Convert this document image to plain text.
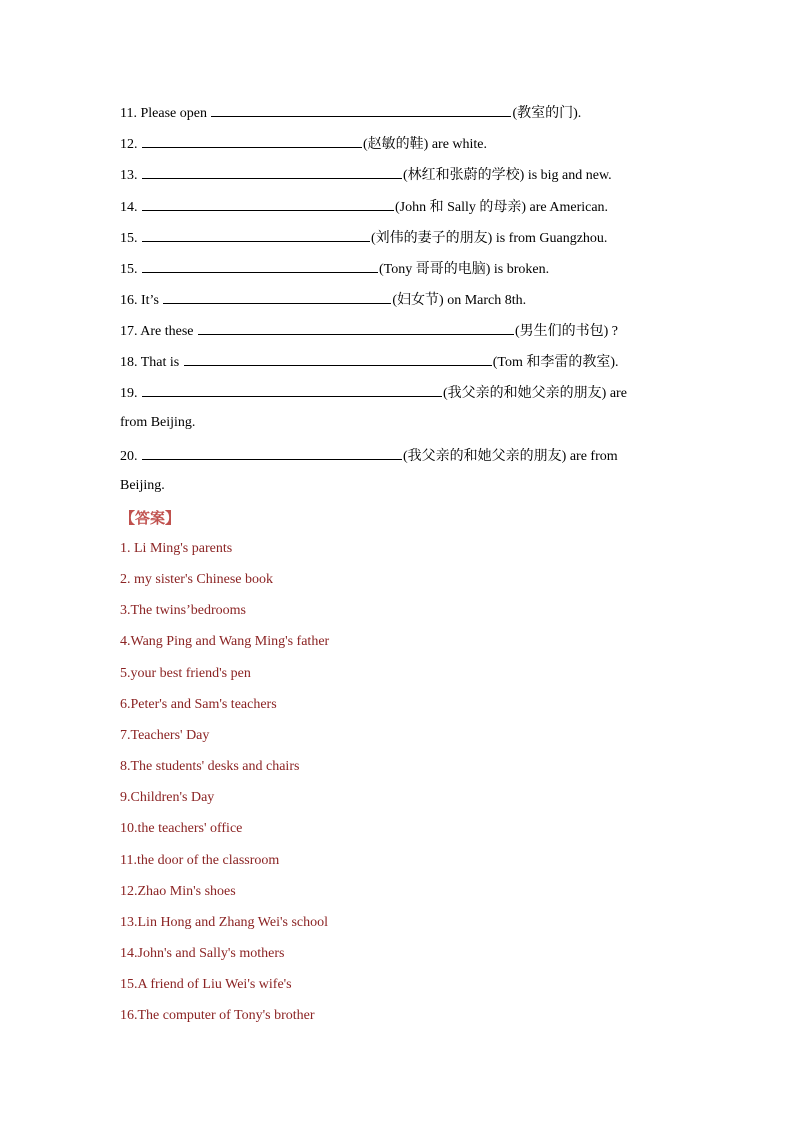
11. Please open	(教室的门).
12.	(赵敏的鞋) are white.
13.	(林红和张蔚的学校) is big and new.
14.	(John 和 Sally 的母亲) are American.
15.	(刘伟的妻子的朋友) is from Guangzhou.
15.	(Tony 哥哥的电脑) is broken.
16. It’s	(妇女节) on March 8th.
17. Are these	(男生们的书包) ?
18. That is	(Tom 和李雷的教室).
19.	(我父亲的和她父亲的朋友) are
from Beijing.
20.	(我父亲的和她父亲的朋友) are from
Beijing.
【答案】
1. Li Ming's parents
2. my sister's Chinese book
3.The twins’bedrooms
4.Wang Ping and Wang Ming's father
5.your best friend's pen
6.Peter's and Sam's teachers
7.Teachers' Day
8.The students' desks and chairs
9.Children's Day
10.the teachers' office
11.the door of the classroom
12.Zhao Min's shoes
13.Lin Hong and Zhang Wei's school
14.John's and Sally's mothers
15.A friend of Liu Wei's wife's
16.The computer of Tony's brother
